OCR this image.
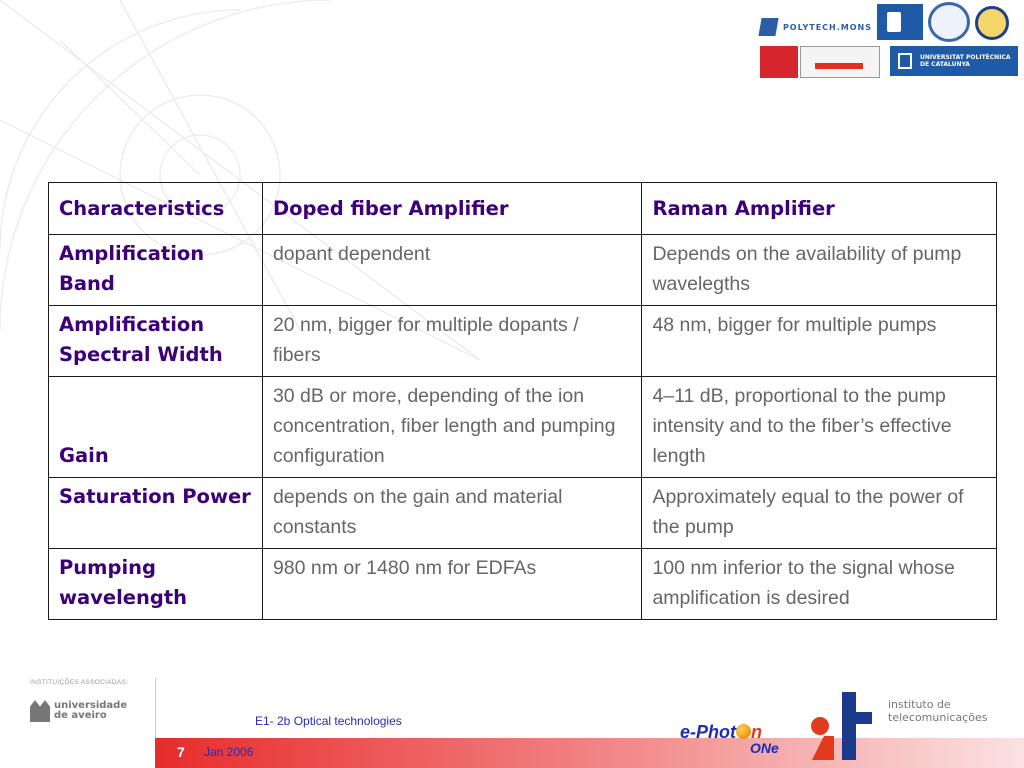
POLYTECH.MONS
UNIVERSITAT POLITÈCNICA
DE CATALUNYA
Characteristics	Doped fiber Amplifier	Raman Amplifier
Amplification Band	dopant dependent	Depends on the availability of pump wavelegths
Amplification Spectral Width	20 nm, bigger for multiple dopants / fibers	48 nm, bigger for multiple pumps
Gain	30 dB or more, depending of the ion concentration, fiber length and pumping configuration	4–11 dB, proportional to the pump intensity and to the fiber’s effective length
Saturation Power	depends on the gain and material constants	Approximately equal to the power of the pump
Pumping wavelength	980 nm or 1480 nm for EDFAs	100 nm inferior to the signal whose amplification is desired
INSTITUIÇÕES ASSOCIADAS:
universidade
de aveiro	E1- 2b Optical technologies
7 Jan 2006
e-Phot n
ONe
instituto de
telecomunicações
